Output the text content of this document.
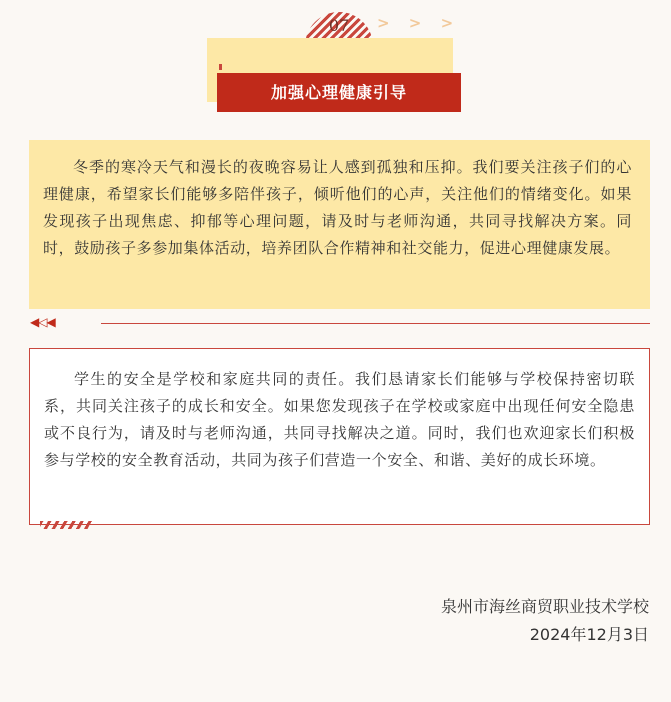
07	> > >
加强心理健康引导

冬季的寒冷天气和漫长的夜晚容易让人感到孤独和压抑。我们要关注孩子们的心理健康，希望家长们能够多陪伴孩子，倾听他们的心声，关注他们的情绪变化。如果发现孩子出现焦虑、抑郁等心理问题，请及时与老师沟通，共同寻找解决方案。同时，鼓励孩子多参加集体活动，培养团队合作精神和社交能力，促进心理健康发展。

◀◁◀

学生的安全是学校和家庭共同的责任。我们恳请家长们能够与学校保持密切联系，共同关注孩子的成长和安全。如果您发现孩子在学校或家庭中出现任何安全隐患或不良行为，请及时与老师沟通，共同寻找解决之道。同时，我们也欢迎家长们积极参与学校的安全教育活动，共同为孩子们营造一个安全、和谐、美好的成长环境。

泉州市海丝商贸职业技术学校
2024年12月3日
